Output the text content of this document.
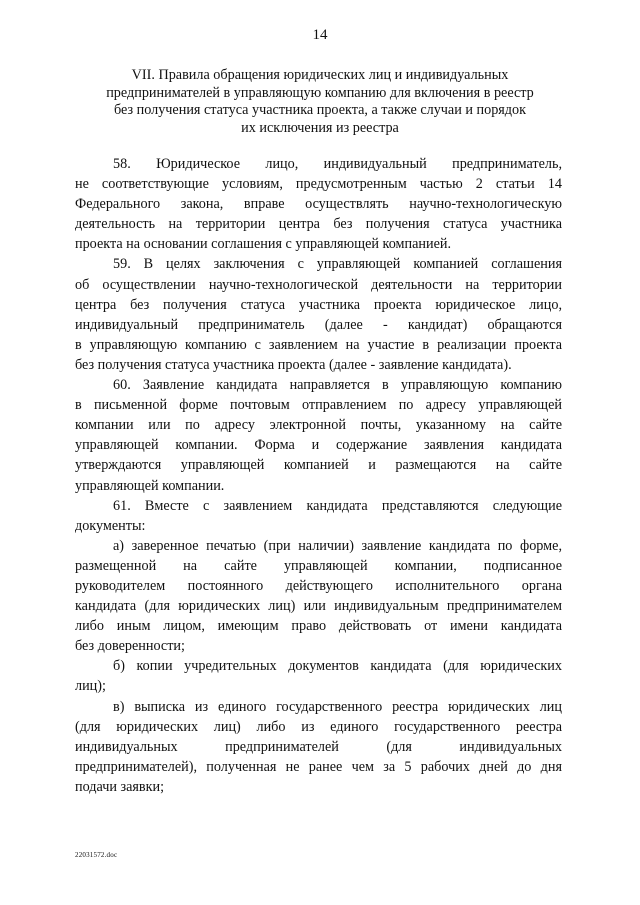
14
VII. Правила обращения юридических лиц и индивидуальных
предпринимателей в управляющую компанию для включения в реестр
без получения статуса участника проекта, а также случаи и порядок
их исключения из реестра
58. Юридическое лицо, индивидуальный предприниматель,
не соответствующие условиям, предусмотренным частью 2 статьи 14
Федерального закона, вправе осуществлять научно-технологическую
деятельность на территории центра без получения статуса участника
проекта на основании соглашения с управляющей компанией.
59. В целях заключения с управляющей компанией соглашения
об осуществлении научно-технологической деятельности на территории
центра без получения статуса участника проекта юридическое лицо,
индивидуальный предприниматель (далее - кандидат) обращаются
в управляющую компанию с заявлением на участие в реализации проекта
без получения статуса участника проекта (далее - заявление кандидата).
60. Заявление кандидата направляется в управляющую компанию
в письменной форме почтовым отправлением по адресу управляющей
компании или по адресу электронной почты, указанному на сайте
управляющей компании. Форма и содержание заявления кандидата
утверждаются управляющей компанией и размещаются на сайте
управляющей компании.
61. Вместе с заявлением кандидата представляются следующие
документы:
а) заверенное печатью (при наличии) заявление кандидата по форме,
размещенной на сайте управляющей компании, подписанное
руководителем постоянного действующего исполнительного органа
кандидата (для юридических лиц) или индивидуальным предпринимателем
либо иным лицом, имеющим право действовать от имени кандидата
без доверенности;
б) копии учредительных документов кандидата (для юридических
лиц);
в) выписка из единого государственного реестра юридических лиц
(для юридических лиц) либо из единого государственного реестра
индивидуальных предпринимателей (для индивидуальных
предпринимателей), полученная не ранее чем за 5 рабочих дней до дня
подачи заявки;
22031572.doc
